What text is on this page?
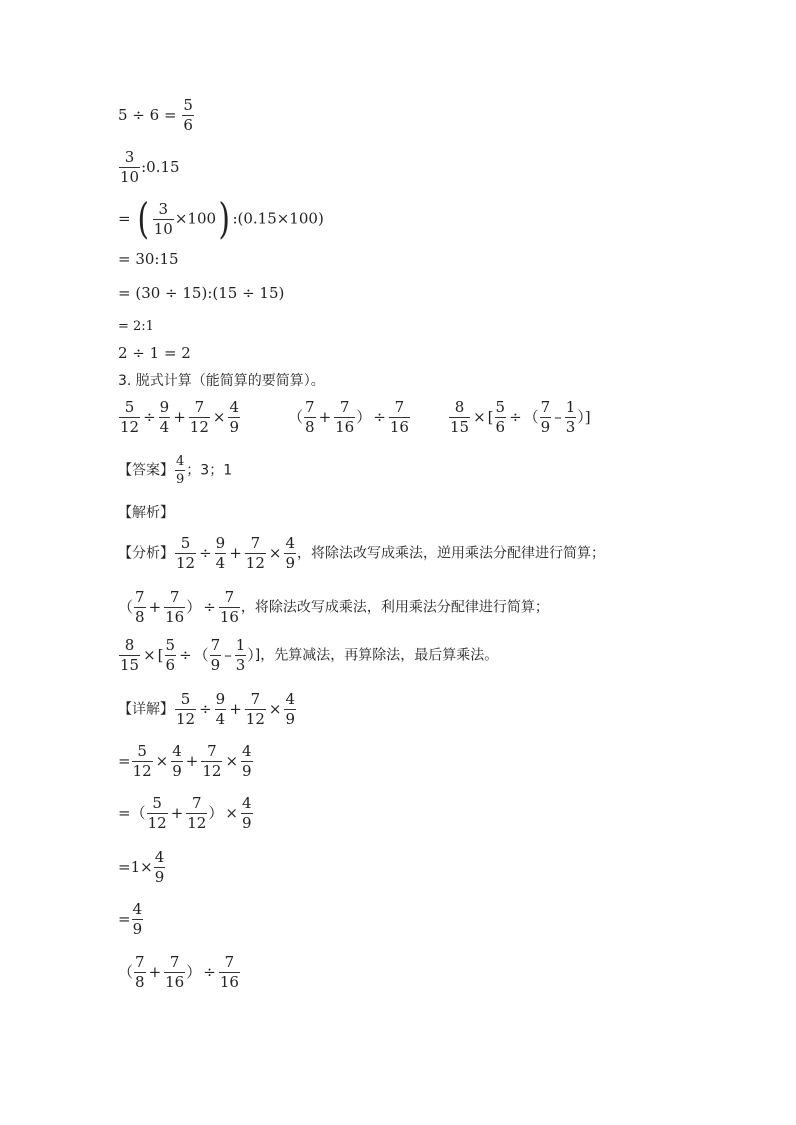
$5 \div 6 = \frac{5}{6}$
$\frac{3}{10}$ :0.15
= ( $\frac{3}{10} \times 100$) :(0.15×100)
= 30:15
= (30 ÷ 15):(15 ÷ 15)
= 2:1
2 ÷ 1 = 2
3. 脱式计算（能简算的要简算）。
$\frac{5}{12} \div \frac{9}{4} + \frac{7}{12} \times \frac{4}{9}$	（ $\frac{7}{8} + \frac{7}{16}$ ） ÷ $\frac{7}{16}$	$\frac{8}{15}$ × [ $\frac{5}{6}$ ÷ （ $\frac{7}{9} - \frac{1}{3}$ ）]
【答案】 $\frac{4}{9}$ ；3；1
【解析】
【分析】 $\frac{5}{12} \div \frac{9}{4} + \frac{7}{12} \times \frac{4}{9}$ ，将除法改写成乘法，逆用乘法分配律进行简算；
（ $\frac{7}{8} + \frac{7}{16}$ ） ÷ $\frac{7}{16}$ ，将除法改写成乘法，利用乘法分配律进行简算；
$\frac{8}{15}$ × [ $\frac{5}{6}$ ÷ （ $\frac{7}{9} - \frac{1}{3}$ ）]，先算减法，再算除法，最后算乘法。
【详解】 $\frac{5}{12} \div \frac{9}{4} + \frac{7}{12} \times \frac{4}{9}$
= $\frac{5}{12} \times \frac{4}{9} + \frac{7}{12} \times \frac{4}{9}$
=（ $\frac{5}{12} + \frac{7}{12}$ ） × $\frac{4}{9}$
$=1\times \frac{4}{9}$
= $\frac{4}{9}$
（ $\frac{7}{8} + \frac{7}{16}$ ） ÷ $\frac{7}{16}$
